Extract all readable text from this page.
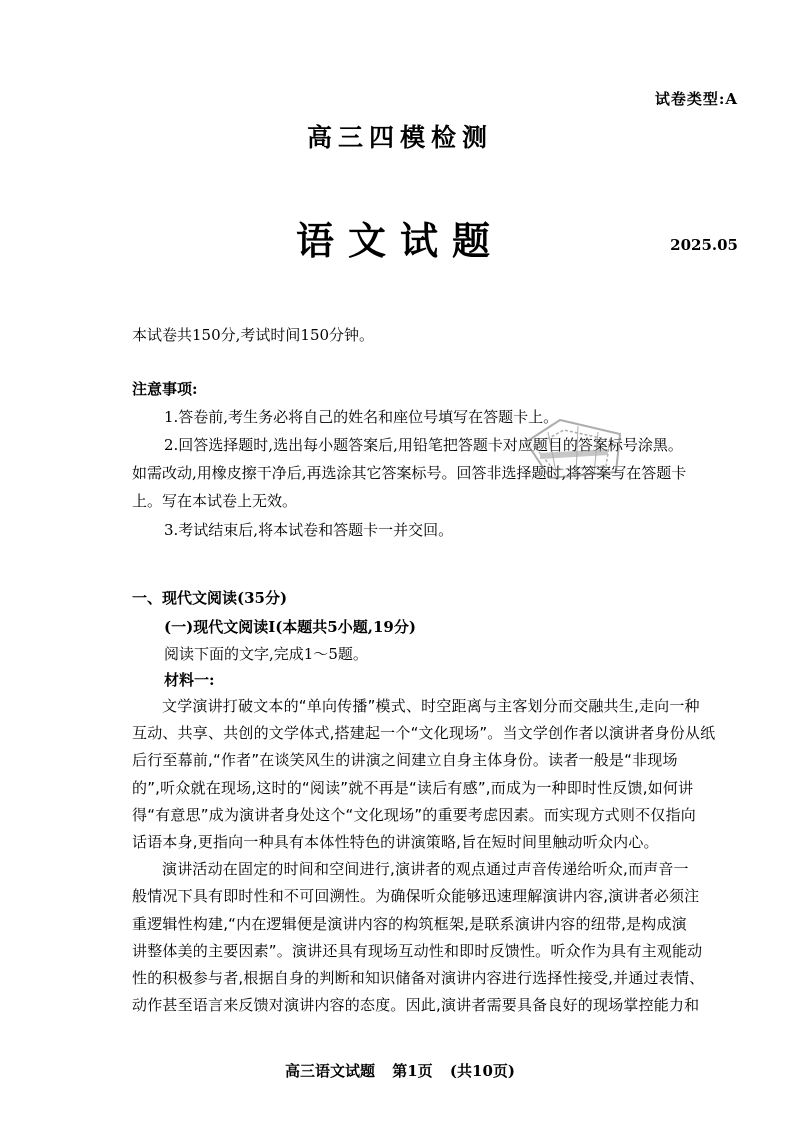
试卷类型:A
高三四模检测
语文试题	2025.05
本试卷共150分,考试时间150分钟。
注意事项:
1.答卷前,考生务必将自己的姓名和座位号填写在答题卡上。
2.回答选择题时,选出每小题答案后,用铅笔把答题卡对应题目的答案标号涂黑。
如需改动,用橡皮擦干净后,再选涂其它答案标号。回答非选择题时,将答案写在答题卡
上。写在本试卷上无效。
3.考试结束后,将本试卷和答题卡一并交回。
一、现代文阅读(35分)
(一)现代文阅读I(本题共5小题,19分)
阅读下面的文字,完成1～5题。
材料一:
文学演讲打破文本的“单向传播”模式、时空距离与主客划分而交融共生,走向一种
互动、共享、共创的文学体式,搭建起一个“文化现场”。当文学创作者以演讲者身份从纸
后行至幕前,“作者”在谈笑风生的讲演之间建立自身主体身份。读者一般是“非现场
的”,听众就在现场,这时的“阅读”就不再是“读后有感”,而成为一种即时性反馈,如何讲
得“有意思”成为演讲者身处这个“文化现场”的重要考虑因素。而实现方式则不仅指向
话语本身,更指向一种具有本体性特色的讲演策略,旨在短时间里触动听众内心。
演讲活动在固定的时间和空间进行,演讲者的观点通过声音传递给听众,而声音一
般情况下具有即时性和不可回溯性。为确保听众能够迅速理解演讲内容,演讲者必须注
重逻辑性构建,“内在逻辑便是演讲内容的构筑框架,是联系演讲内容的纽带,是构成演
讲整体美的主要因素”。演讲还具有现场互动性和即时反馈性。听众作为具有主观能动
性的积极参与者,根据自身的判断和知识储备对演讲内容进行选择性接受,并通过表情、
动作甚至语言来反馈对演讲内容的态度。因此,演讲者需要具备良好的现场掌控能力和
高三语文试题 第1页 (共10页)
